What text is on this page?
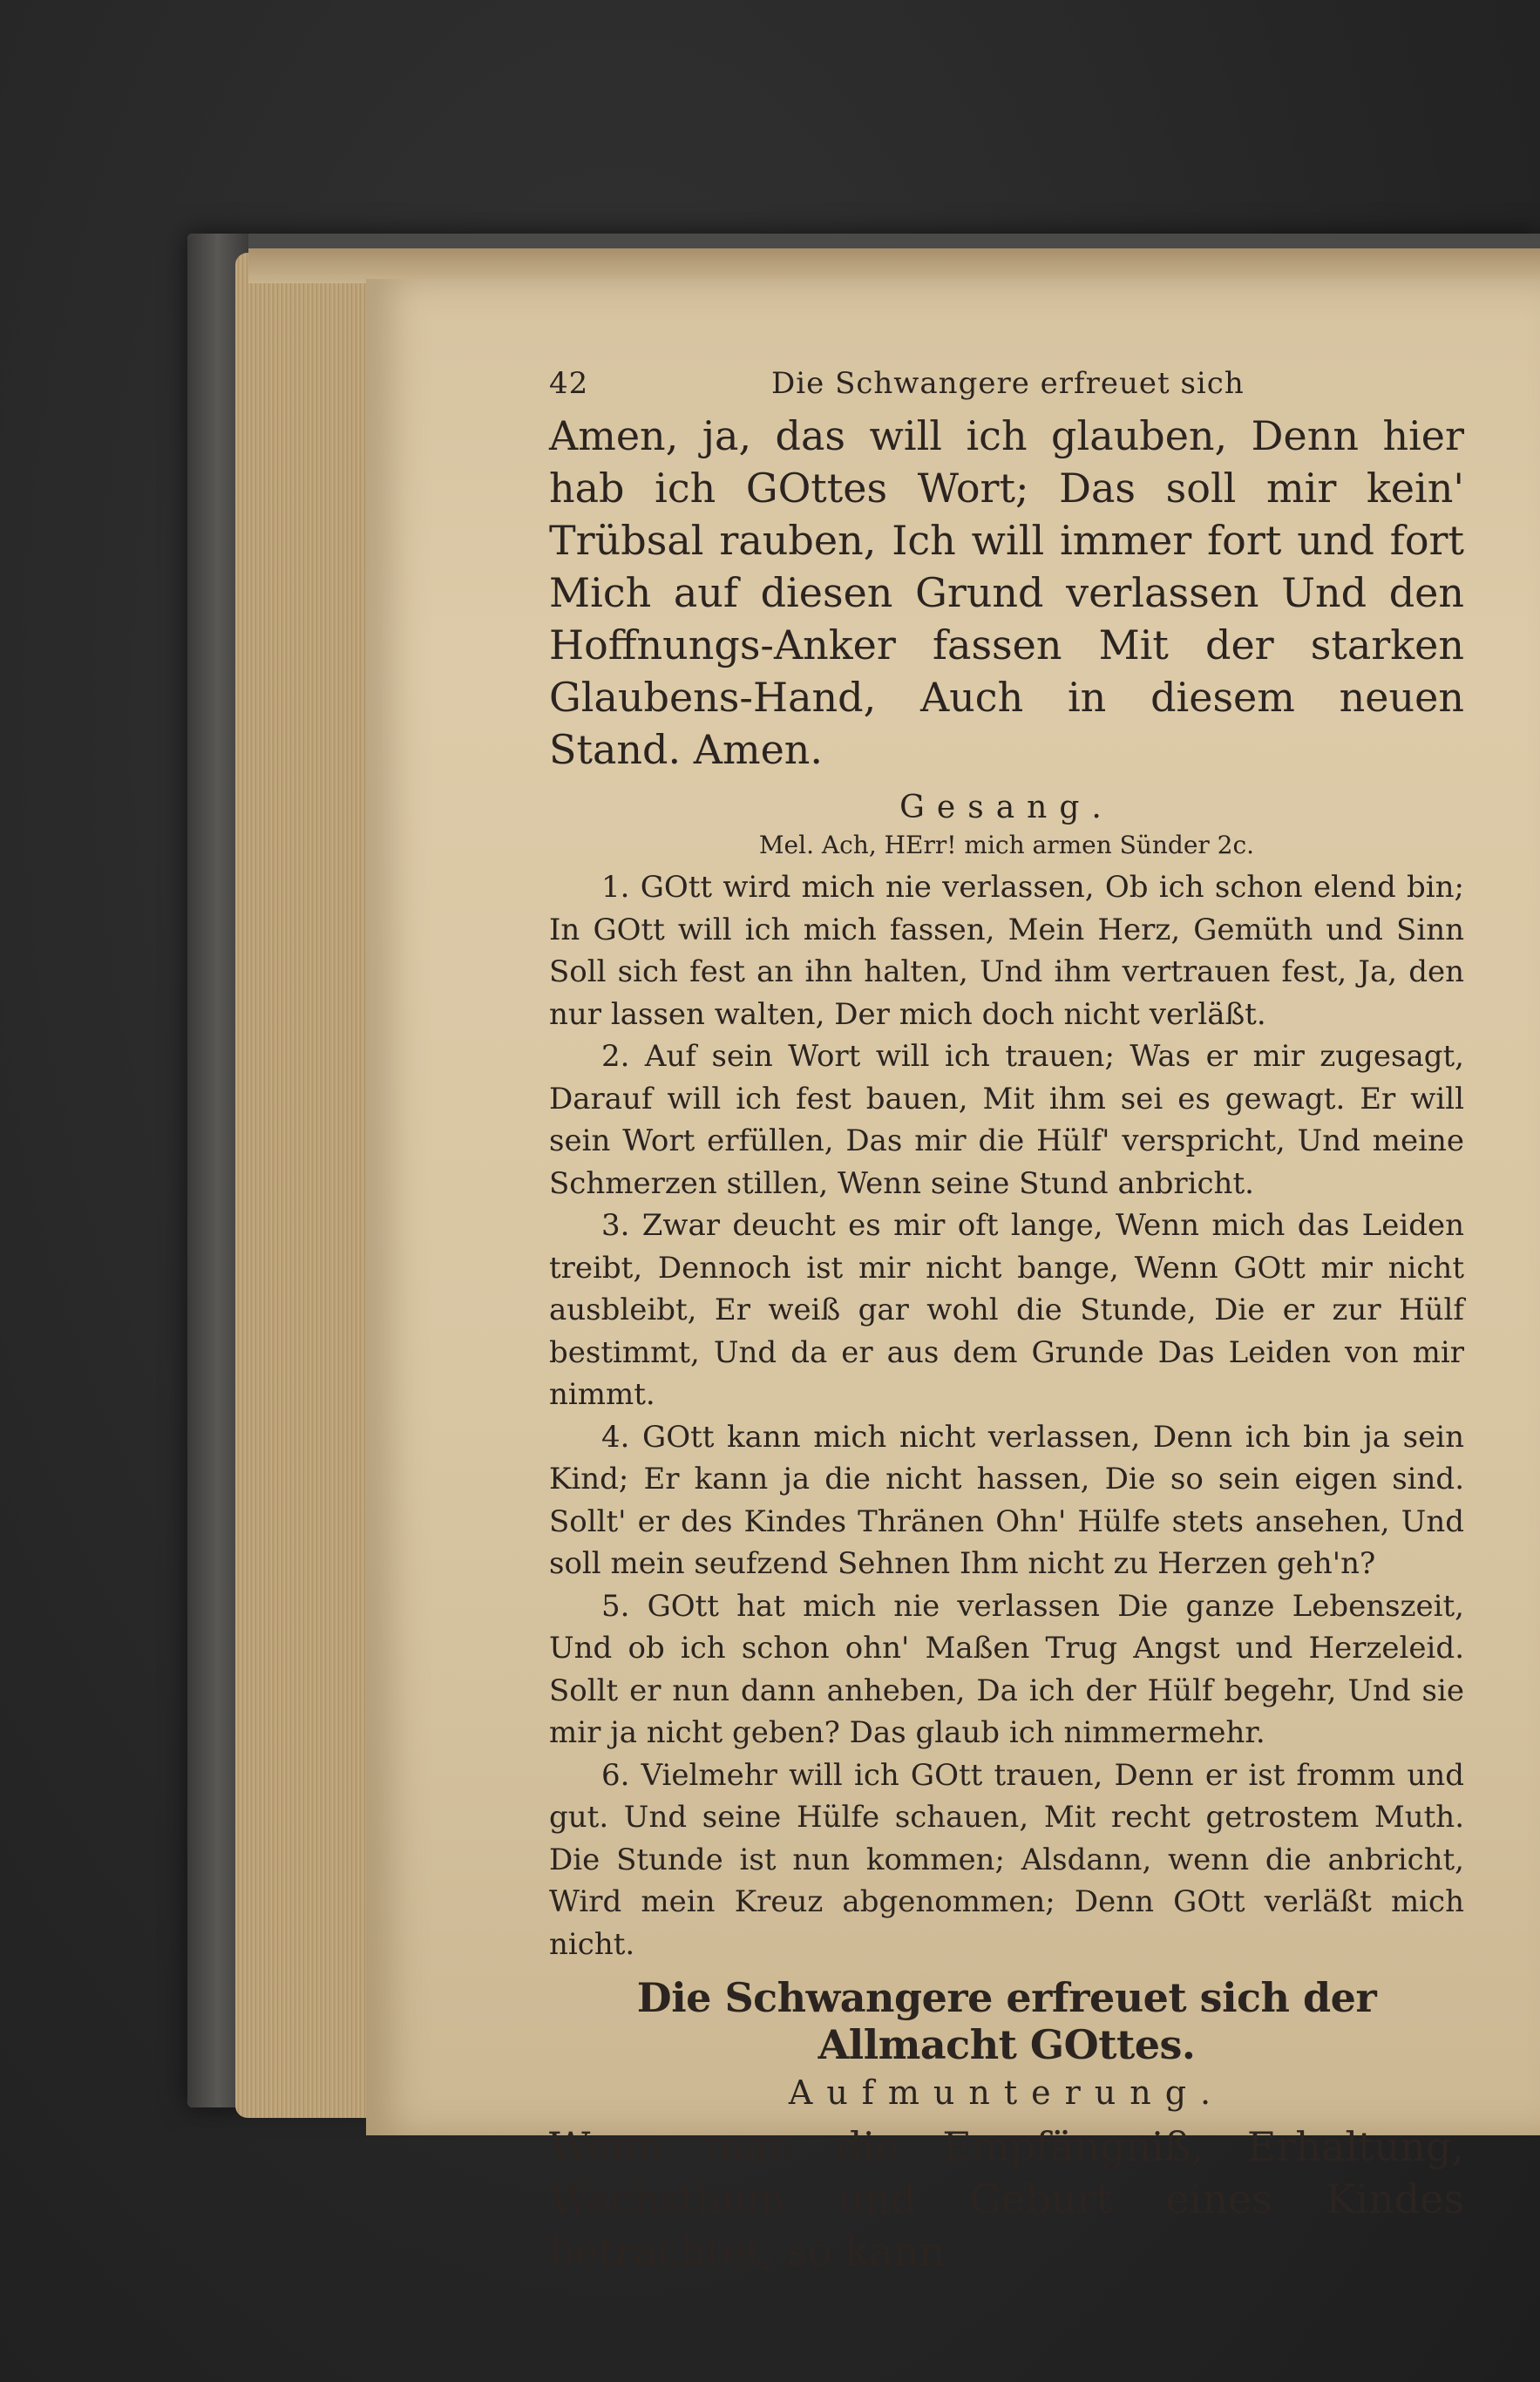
42	Die Schwangere erfreuet sich

Amen, ja, das will ich glauben, Denn hier hab ich GOttes Wort; Das soll mir kein' Trübsal rauben, Ich will immer fort und fort Mich auf diesen Grund verlassen Und den Hoffnungs-Anker fassen Mit der starken Glaubens-Hand, Auch in diesem neuen Stand. Amen.

Gesang.
Mel. Ach, HErr! mich armen Sünder 2c.

1. GOtt wird mich nie verlassen, Ob ich schon elend bin; In GOtt will ich mich fassen, Mein Herz, Gemüth und Sinn Soll sich fest an ihn halten, Und ihm vertrauen fest, Ja, den nur lassen walten, Der mich doch nicht verläßt.

2. Auf sein Wort will ich trauen; Was er mir zugesagt, Darauf will ich fest bauen, Mit ihm sei es gewagt. Er will sein Wort erfüllen, Das mir die Hülf' verspricht, Und meine Schmerzen stillen, Wenn seine Stund anbricht.

3. Zwar deucht es mir oft lange, Wenn mich das Leiden treibt, Dennoch ist mir nicht bange, Wenn GOtt mir nicht ausbleibt, Er weiß gar wohl die Stunde, Die er zur Hülf bestimmt, Und da er aus dem Grunde Das Leiden von mir nimmt.

4. GOtt kann mich nicht verlassen, Denn ich bin ja sein Kind; Er kann ja die nicht hassen, Die so sein eigen sind. Sollt' er des Kindes Thränen Ohn' Hülfe stets ansehen, Und soll mein seufzend Sehnen Ihm nicht zu Herzen geh'n?

5. GOtt hat mich nie verlassen Die ganze Lebenszeit, Und ob ich schon ohn' Maßen Trug Angst und Herzeleid. Sollt er nun dann anheben, Da ich der Hülf begehr, Und sie mir ja nicht geben? Das glaub ich nimmermehr.

6. Vielmehr will ich GOtt trauen, Denn er ist fromm und gut. Und seine Hülfe schauen, Mit recht getrostem Muth. Die Stunde ist nun kommen; Alsdann, wenn die anbricht, Wird mein Kreuz abgenommen; Denn GOtt verläßt mich nicht.

Die Schwangere erfreuet sich der Allmacht GOttes.
Aufmunterung.

Wenn man die Empfängniß, Erhaltung, Wachsthum und Geburt eines Kindes betrachtet, so kann
